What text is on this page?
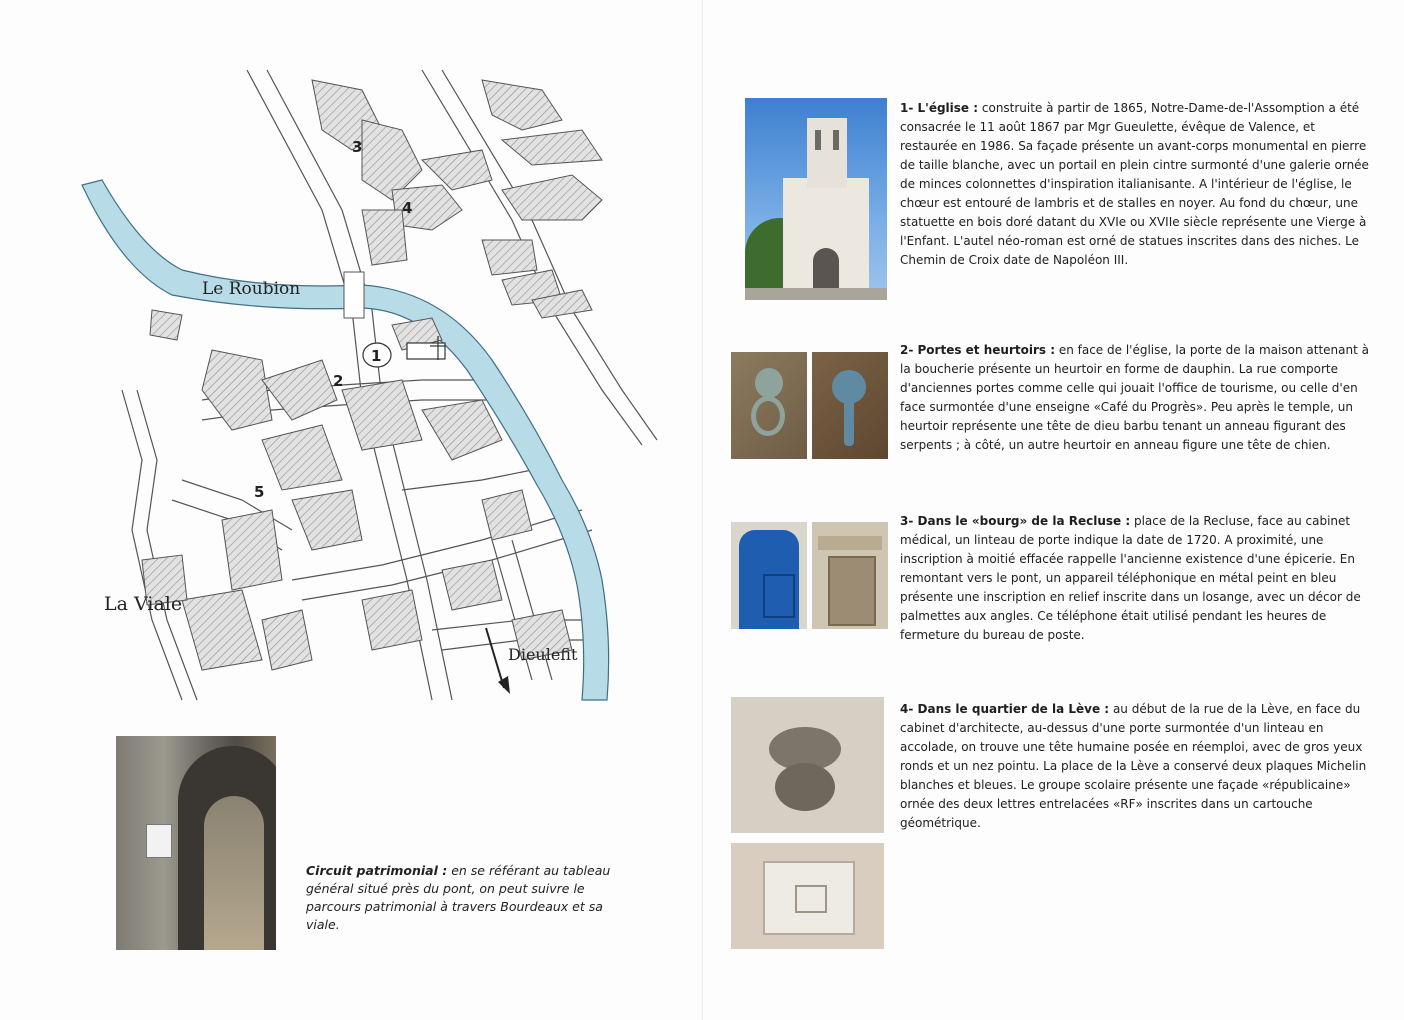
Le Roubion
La Viale
Dieulefit
1
2
3
4
5
Circuit patrimonial : en se référant au tableau général situé près du pont, on peut suivre le parcours patrimonial à travers Bourdeaux et sa viale.
1- L'église : construite à partir de 1865, Notre-Dame-de-l'Assomption a été consacrée le 11 août 1867 par Mgr Gueulette, évêque de Valence, et restaurée en 1986. Sa façade présente un avant-corps monumental en pierre de taille blanche, avec un portail en plein cintre surmonté d'une galerie ornée de minces colonnettes d'inspiration italianisante. A l'intérieur de l'église, le chœur est entouré de lambris et de stalles en noyer. Au fond du chœur, une statuette en bois doré datant du XVIe ou XVIIe siècle représente une Vierge à l'Enfant. L'autel néo-roman est orné de statues inscrites dans des niches. Le Chemin de Croix date de Napoléon III.
2- Portes et heurtoirs : en face de l'église, la porte de la maison attenant à la boucherie présente un heurtoir en forme de dauphin. La rue comporte d'anciennes portes comme celle qui jouait l'office de tourisme, ou celle d'en face surmontée d'une enseigne «Café du Progrès». Peu après le temple, un heurtoir représente une tête de dieu barbu tenant un anneau figurant des serpents ; à côté, un autre heurtoir en anneau figure une tête de chien.
3- Dans le «bourg» de la Recluse : place de la Recluse, face au cabinet médical, un linteau de porte indique la date de 1720. A proximité, une inscription à moitié effacée rappelle l'ancienne existence d'une épicerie. En remontant vers le pont, un appareil téléphonique en métal peint en bleu présente une inscription en relief inscrite dans un losange, avec un décor de palmettes aux angles. Ce téléphone était utilisé pendant les heures de fermeture du bureau de poste.
4- Dans le quartier de la Lève : au début de la rue de la Lève, en face du cabinet d'architecte, au-dessus d'une porte surmontée d'un linteau en accolade, on trouve une tête humaine posée en réemploi, avec de gros yeux ronds et un nez pointu. La place de la Lève a conservé deux plaques Michelin blanches et bleues. Le groupe scolaire présente une façade «républicaine» ornée des deux lettres entrelacées «RF» inscrites dans un cartouche géométrique.
